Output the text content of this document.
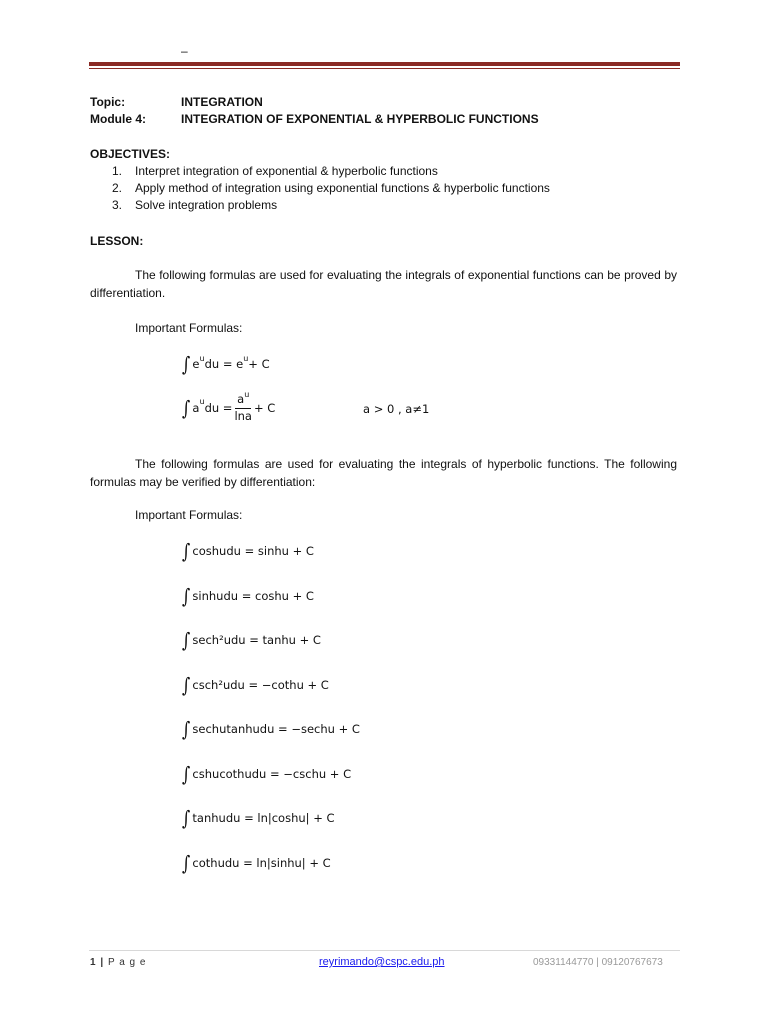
–
Topic:	INTEGRATION
Module 4:	INTEGRATION OF EXPONENTIAL & HYPERBOLIC FUNCTIONS
OBJECTIVES:
1. Interpret integration of exponential & hyperbolic functions
2. Apply method of integration using exponential functions & hyperbolic functions
3. Solve integration problems
LESSON:
The following formulas are used for evaluating the integrals of exponential functions can be proved by differentiation.
Important Formulas:
∫ e u du = e u + C
∫ a u du = $\frac{a^u}{\ln a} + C$	a > 0 , a≠1
The following formulas are used for evaluating the integrals of hyperbolic functions. The following formulas may be verified by differentiation:
Important Formulas:
∫ coshudu = sinhu + C
∫ sinhudu = coshu + C
∫ sech²udu = tanhu + C
∫ csch²udu = −cothu + C
∫ sechutanhudu = −sechu + C
∫ cshucothudu = −cschu + C
∫ tanhudu = ln|coshu| + C
∫ cothudu = ln|sinhu| + C
1 | P a g e	reyrimando@cspc.edu.ph	09331144770 | 09120767673
